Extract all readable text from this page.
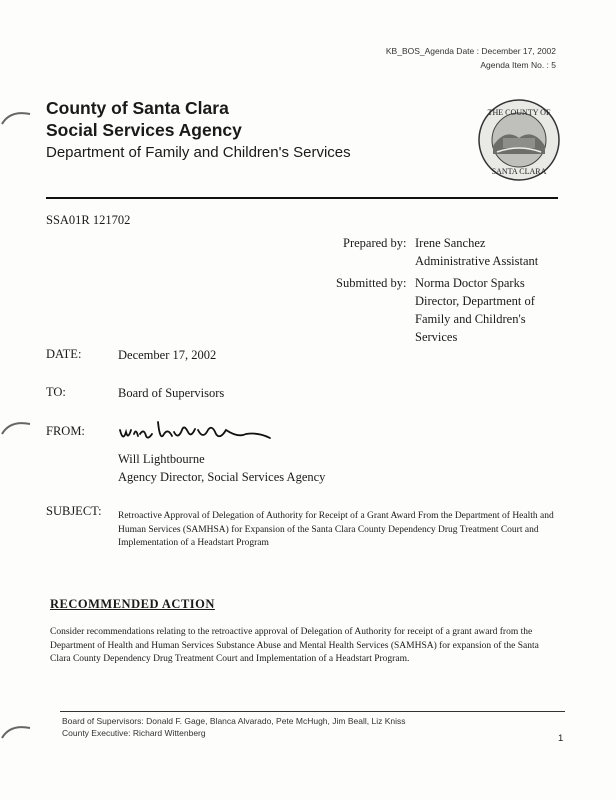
KB_BOS_Agenda Date : December 17, 2002
Agenda Item No. : 5
County of Santa Clara
Social Services Agency
Department of Family and Children's Services
THE COUNTY OF
SANTA CLARA
SSA01R 121702
Prepared by: Irene Sanchez
Administrative Assistant
Submitted by: Norma Doctor Sparks
Director, Department of
Family and Children's
Services
DATE:	December 17, 2002
TO:	Board of Supervisors
FROM:
Will Lightbourne
Agency Director, Social Services Agency
SUBJECT: Retroactive Approval of Delegation of Authority for Receipt of a Grant Award From the Department of Health and Human Services (SAMHSA) for Expansion of the Santa Clara County Dependency Drug Treatment Court and Implementation of a Headstart Program
RECOMMENDED ACTION
Consider recommendations relating to the retroactive approval of Delegation of Authority for receipt of a grant award from the Department of Health and Human Services Substance Abuse and Mental Health Services (SAMHSA) for expansion of the Santa Clara County Dependency Drug Treatment Court and Implementation of a Headstart Program.
Board of Supervisors: Donald F. Gage, Blanca Alvarado, Pete McHugh, Jim Beall, Liz Kniss
County Executive: Richard Wittenberg	1
